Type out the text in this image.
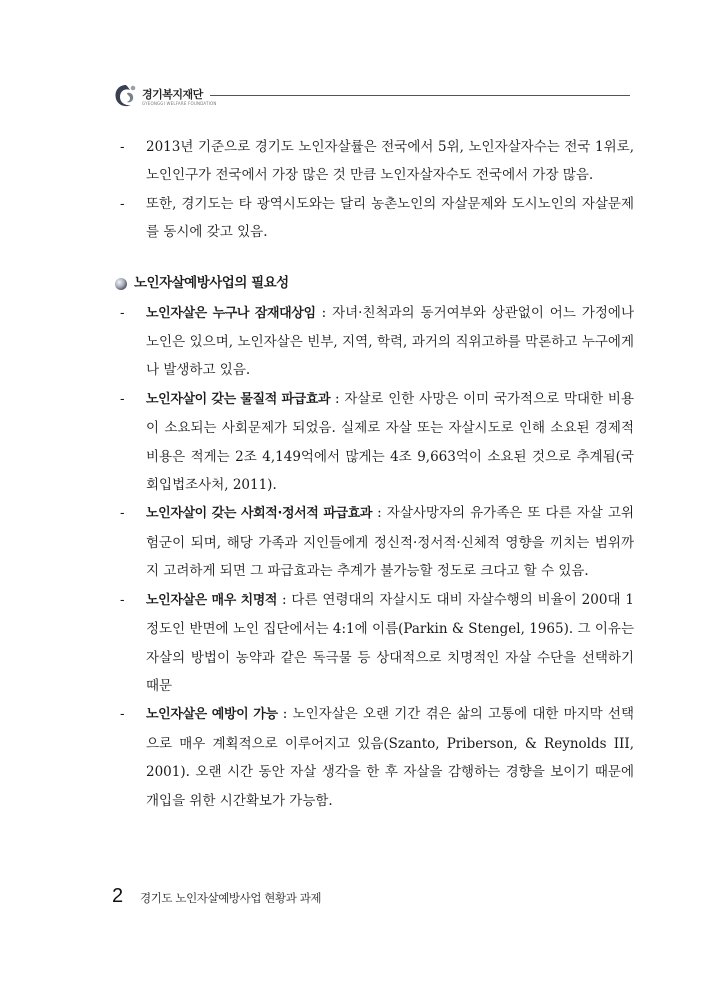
경기복지재단
GYEONGGI WELFARE FOUNDATION
- 2013년 기준으로 경기도 노인자살률은 전국에서 5위, 노인자살자수는 전국 1위로, 노인인구가 전국에서 가장 많은 것 만큼 노인자살자수도 전국에서 가장 많음.
- 또한, 경기도는 타 광역시도와는 달리 농촌노인의 자살문제와 도시노인의 자살문제를 동시에 갖고 있음.
노인자살예방사업의 필요성
- 노인자살은 누구나 잠재대상임 : 자녀·친척과의 동거여부와 상관없이 어느 가정에나 노인은 있으며, 노인자살은 빈부, 지역, 학력, 과거의 직위고하를 막론하고 누구에게나 발생하고 있음.
- 노인자살이 갖는 물질적 파급효과 : 자살로 인한 사망은 이미 국가적으로 막대한 비용이 소요되는 사회문제가 되었음. 실제로 자살 또는 자살시도로 인해 소요된 경제적 비용은 적게는 2조 4,149억에서 많게는 4조 9,663억이 소요된 것으로 추계됨(국회입법조사처, 2011).
- 노인자살이 갖는 사회적·정서적 파급효과 : 자살사망자의 유가족은 또 다른 자살 고위험군이 되며, 해당 가족과 지인들에게 정신적·정서적·신체적 영향을 끼치는 범위까지 고려하게 되면 그 파급효과는 추계가 불가능할 정도로 크다고 할 수 있음.
- 노인자살은 매우 치명적 : 다른 연령대의 자살시도 대비 자살수행의 비율이 200대 1정도인 반면에 노인 집단에서는 4:1에 이름(Parkin & Stengel, 1965). 그 이유는 자살의 방법이 농약과 같은 독극물 등 상대적으로 치명적인 자살 수단을 선택하기 때문
- 노인자살은 예방이 가능 : 노인자살은 오랜 기간 겪은 삶의 고통에 대한 마지막 선택으로 매우 계획적으로 이루어지고 있음(Szanto, Priberson, & Reynolds III, 2001). 오랜 시간 동안 자살 생각을 한 후 자살을 감행하는 경향을 보이기 때문에 개입을 위한 시간확보가 가능함.
2 경기도 노인자살예방사업 현황과 과제
